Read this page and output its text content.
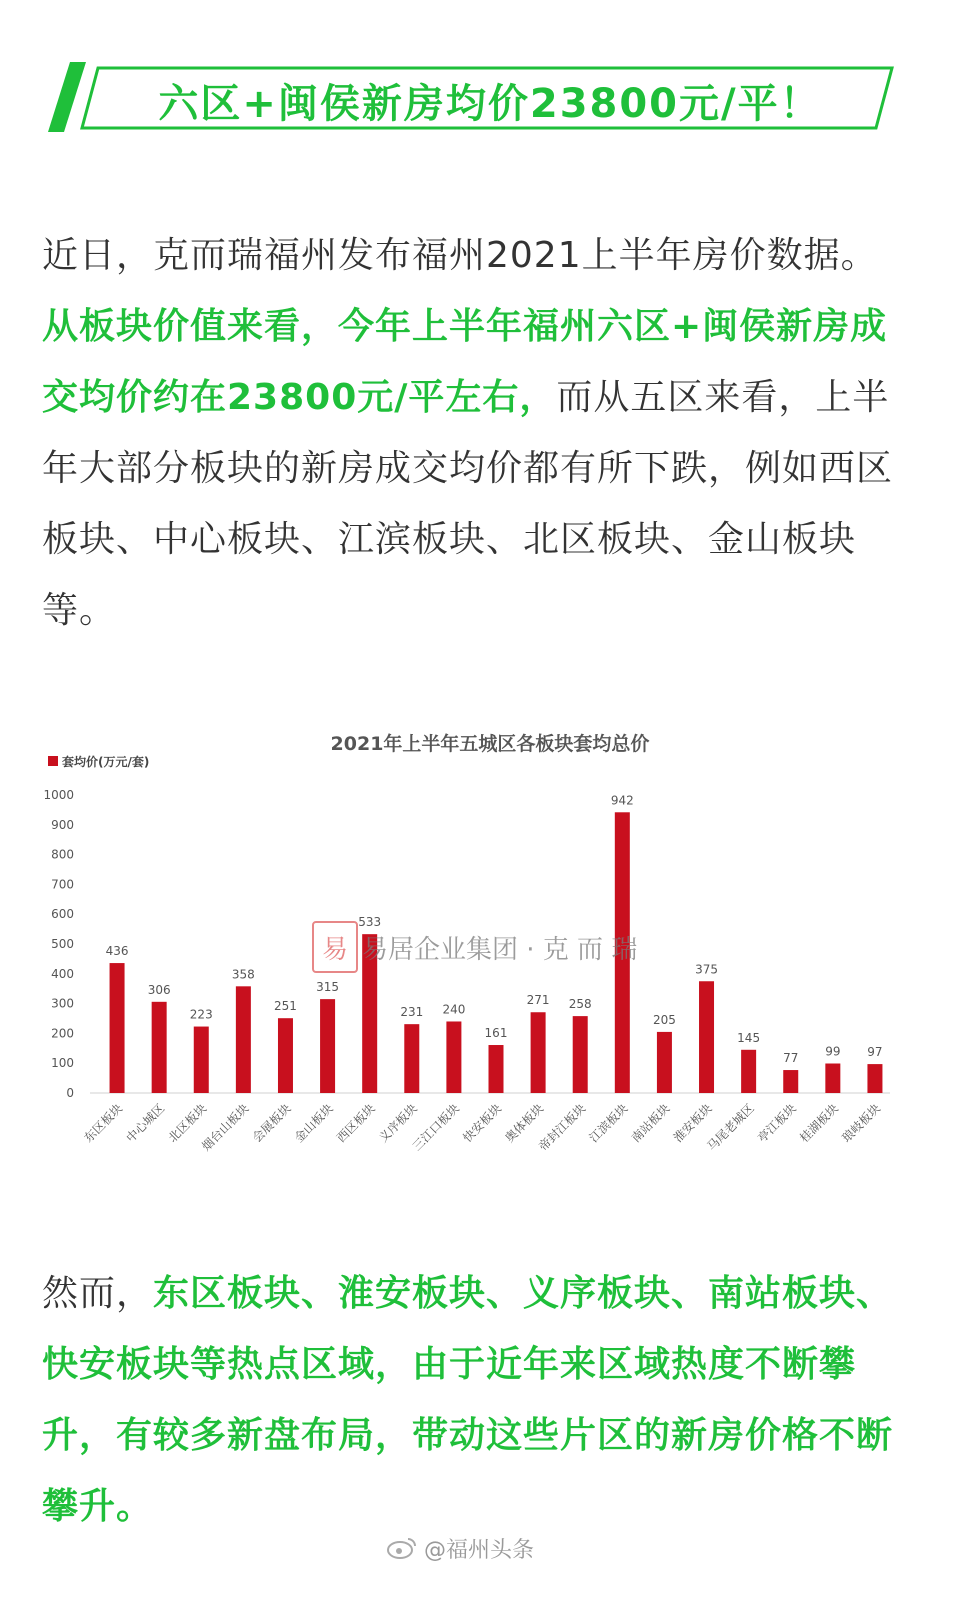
六区+闽侯新房均价23800元/平！

近日，克而瑞福州发布福州2021上半年房价数据。从板块价值来看，今年上半年福州六区+闽侯新房成交均价约在23800元/平左右，而从五区来看，上半年大部分板块的新房成交均价都有所下跌，例如西区板块、中心板块、江滨板块、北区板块、金山板块等。

2021年上半年五城区各板块套均总价
套均价(万元/套)
1000
900
800
700
600
500
400
300
200
100
0
436
东区板块
306
中心城区
223
北区板块
358
烟台山板块
251
会展板块
315
金山板块
533
西区板块
231
义序板块
240
三江口板块
161
快安板块
271
奥体板块
258
帝封江板块
942
江滨板块
205
南站板块
375
淮安板块
145
马尾老城区
77
亭江板块
99
桂湖板块
97
琅岐板块
易 易居企业集团 · 克 而 瑞

然而，东区板块、淮安板块、义序板块、南站板块、快安板块等热点区域，由于近年来区域热度不断攀升，有较多新盘布局，带动这些片区的新房价格不断攀升。

@福州头条
